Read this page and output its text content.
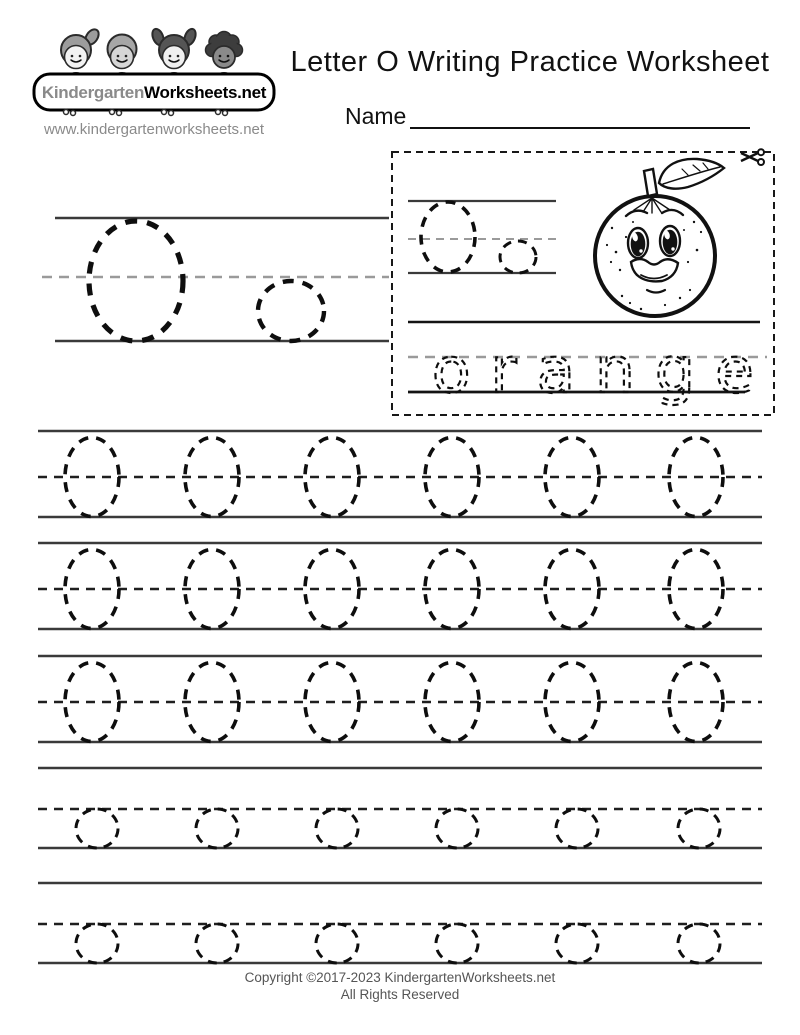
KindergartenWorksheets.net
www.kindergartenworksheets.net
Letter O Writing Practice Worksheet
Name
orange
Copyright ©2017-2023 KindergartenWorksheets.net
All Rights Reserved
